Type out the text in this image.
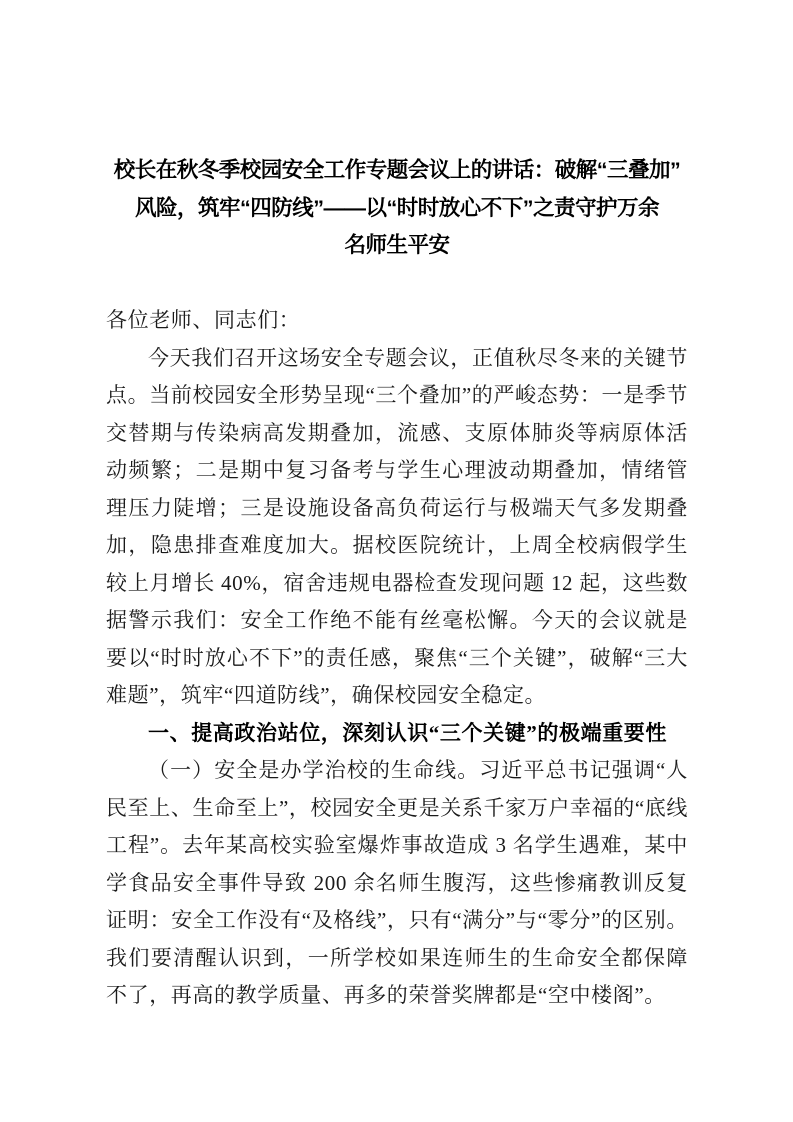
校长在秋冬季校园安全工作专题会议上的讲话：破解“三叠加”
风险，筑牢“四防线”——以“时时放心不下”之责守护万余
名师生平安

各位老师、同志们：

今天我们召开这场安全专题会议，正值秋尽冬来的关键节点。当前校园安全形势呈现“三个叠加”的严峻态势：一是季节交替期与传染病高发期叠加，流感、支原体肺炎等病原体活动频繁；二是期中复习备考与学生心理波动期叠加，情绪管理压力陡增；三是设施设备高负荷运行与极端天气多发期叠加，隐患排查难度加大。据校医院统计，上周全校病假学生较上月增长 40%，宿舍违规电器检查发现问题 12 起，这些数据警示我们：安全工作绝不能有丝毫松懈。今天的会议就是要以“时时放心不下”的责任感，聚焦“三个关键”，破解“三大难题”，筑牢“四道防线”，确保校园安全稳定。

一、提高政治站位，深刻认识“三个关键”的极端重要性

（一）安全是办学治校的生命线。习近平总书记强调“人民至上、生命至上”，校园安全更是关系千家万户幸福的“底线工程”。去年某高校实验室爆炸事故造成 3 名学生遇难，某中学食品安全事件导致 200 余名师生腹泻，这些惨痛教训反复证明：安全工作没有“及格线”，只有“满分”与“零分”的区别。我们要清醒认识到，一所学校如果连师生的生命安全都保障不了，再高的教学质量、再多的荣誉奖牌都是“空中楼阁”。
